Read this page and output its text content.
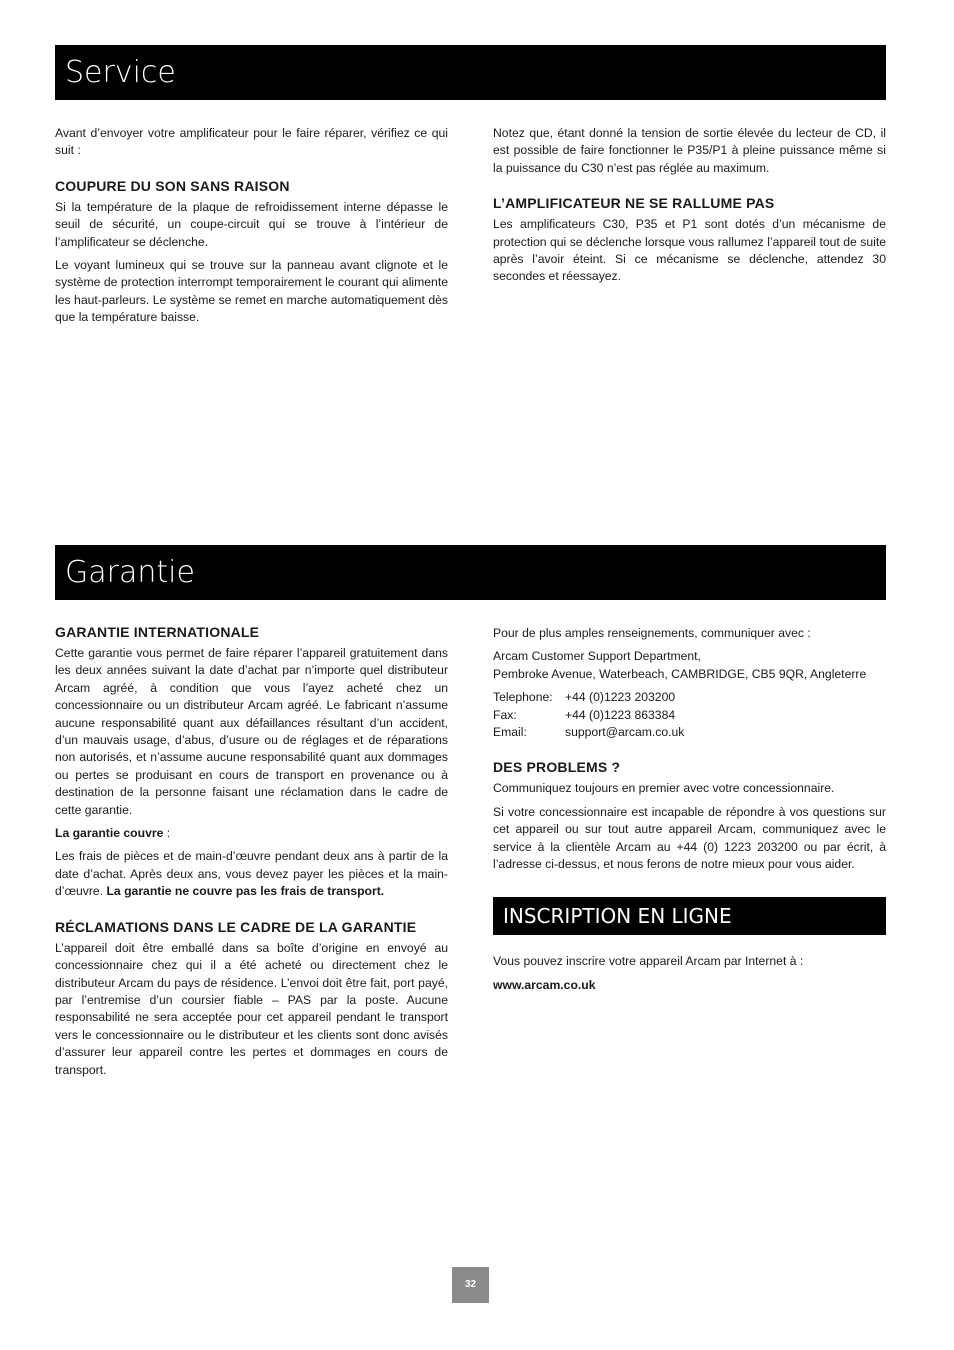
Service

Avant d’envoyer votre amplificateur pour le faire réparer, vérifiez ce qui suit :

COUPURE DU SON SANS RAISON

Si la température de la plaque de refroidissement interne dépasse le seuil de sécurité, un coupe-circuit qui se trouve à l’intérieur de l’amplificateur se déclenche.

Le voyant lumineux qui se trouve sur la panneau avant clignote et le système de protection interrompt temporairement le courant qui alimente les haut-parleurs. Le système se remet en marche automatiquement dès que la température baisse.

Notez que, étant donné la tension de sortie élevée du lecteur de CD, il est possible de faire fonctionner le P35/P1 à pleine puissance même si la puissance du C30 n’est pas réglée au maximum.

L’AMPLIFICATEUR NE SE RALLUME PAS

Les amplificateurs C30, P35 et P1 sont dotés d’un mécanisme de protection qui se déclenche lorsque vous rallumez l’appareil tout de suite après l’avoir éteint. Si ce mécanisme se déclenche, attendez 30 secondes et réessayez.

Garantie
GARANTIE INTERNATIONALE

Cette garantie vous permet de faire réparer l’appareil gratuitement dans les deux années suivant la date d’achat par n’importe quel distributeur Arcam agréé, à condition que vous l’ayez acheté chez un concessionnaire ou un distributeur Arcam agréé. Le fabricant n’assume aucune responsabilité quant aux défaillances résultant d’un accident, d’un mauvais usage, d’abus, d’usure ou de réglages et de réparations non autorisés, et n’assume aucune responsabilité quant aux dommages ou pertes se produisant en cours de transport en provenance ou à destination de la personne faisant une réclamation dans le cadre de cette garantie.

La garantie couvre :

Les frais de pièces et de main-d’œuvre pendant deux ans à partir de la date d’achat. Après deux ans, vous devez payer les pièces et la main-d’œuvre. La garantie ne couvre pas les frais de transport.

RÉCLAMATIONS DANS LE CADRE DE LA GARANTIE

L’appareil doit être emballé dans sa boîte d’origine en envoyé au concessionnaire chez qui il a été acheté ou directement chez le distributeur Arcam du pays de résidence. L’envoi doit être fait, port payé, par l’entremise d’un coursier fiable – PAS par la poste. Aucune responsabilité ne sera acceptée pour cet appareil pendant le transport vers le concessionnaire ou le distributeur et les clients sont donc avisés d’assurer leur appareil contre les pertes et dommages en cours de transport.

Pour de plus amples renseignements, communiquer avec :

Arcam Customer Support Department,
Pembroke Avenue, Waterbeach, CAMBRIDGE, CB5 9QR, Angleterre

Telephone:	+44 (0)1223 203200
Fax:	+44 (0)1223 863384
Email:	support@arcam.co.uk
DES PROBLEMS ?

Communiquez toujours en premier avec votre concessionnaire.

Si votre concessionnaire est incapable de répondre à vos questions sur cet appareil ou sur tout autre appareil Arcam, communiquez avec le service à la clientèle Arcam au +44 (0) 1223 203200 ou par écrit, à l’adresse ci-dessus, et nous ferons de notre mieux pour vous aider.

INSCRIPTION EN LIGNE

Vous pouvez inscrire votre appareil Arcam par Internet à :

www.arcam.co.uk

32
